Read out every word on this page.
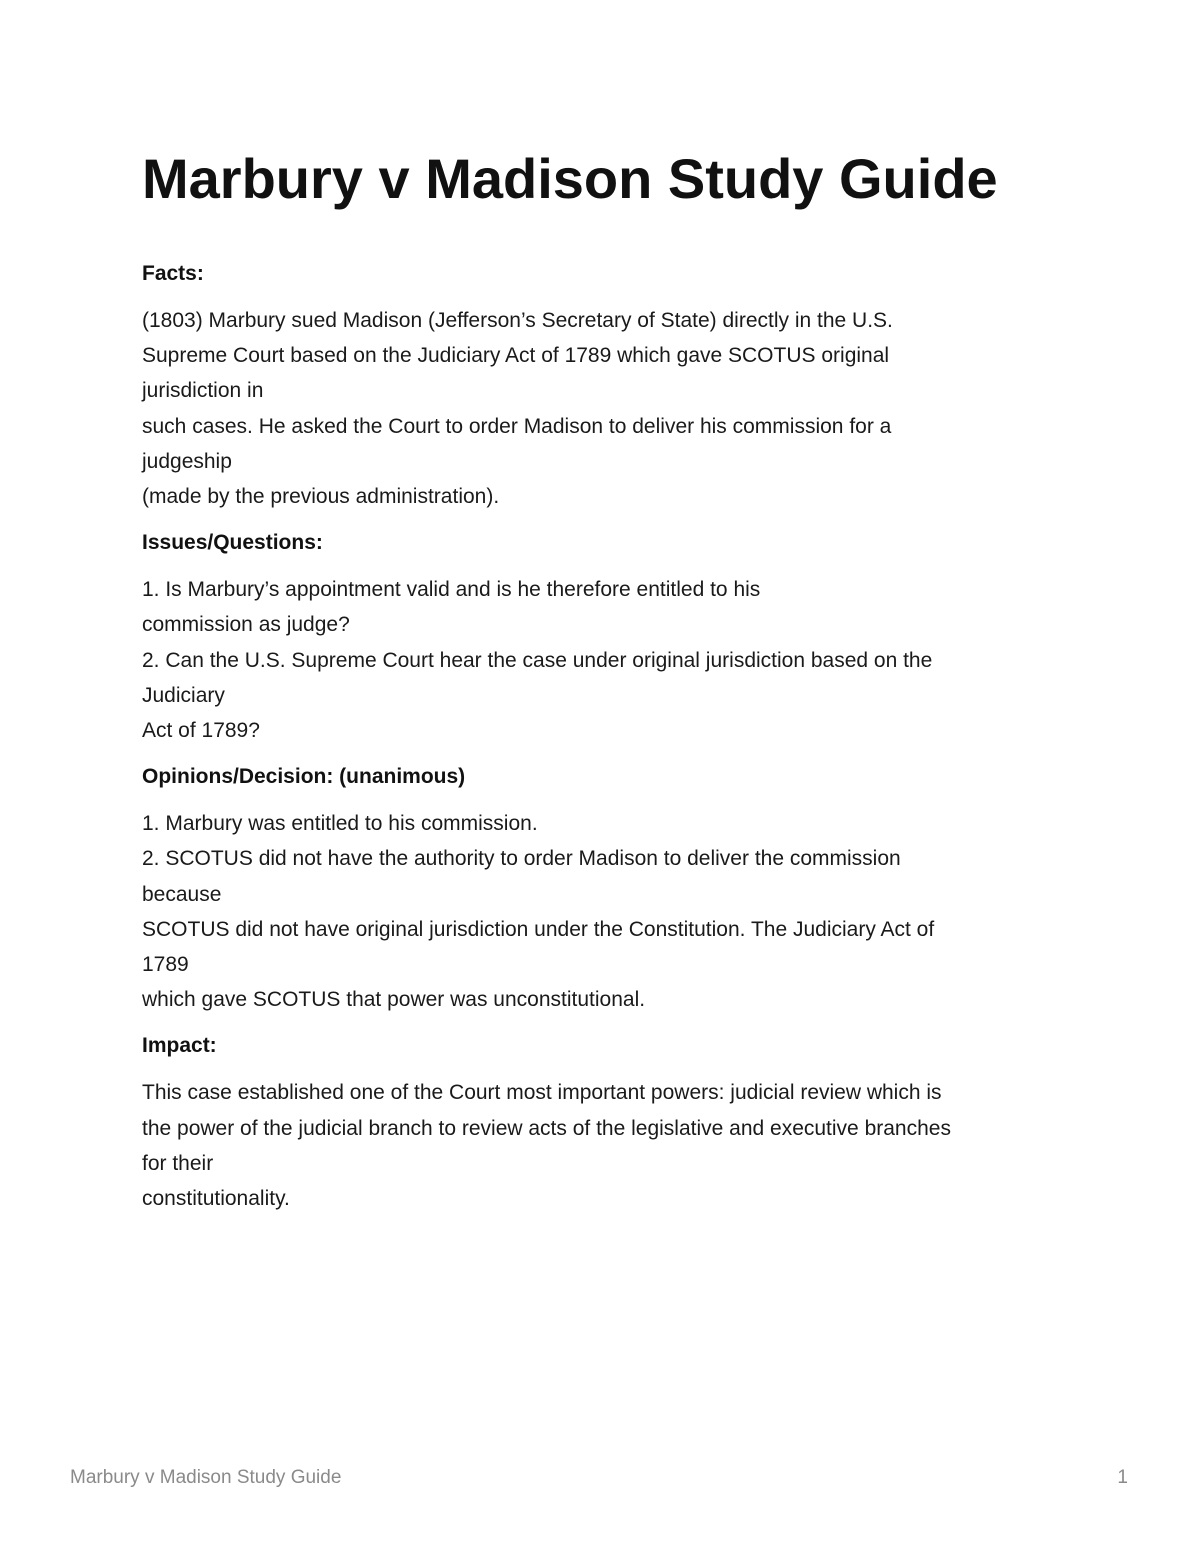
Marbury v Madison Study Guide
Facts:
(1803) Marbury sued Madison (Jefferson’s Secretary of State) directly in the U.S.
Supreme Court based on the Judiciary Act of 1789 which gave SCOTUS original
jurisdiction in
such cases. He asked the Court to order Madison to deliver his commission for a
judgeship
(made by the previous administration).
Issues/Questions:
1. Is Marbury’s appointment valid and is he therefore entitled to his
commission as judge?
2. Can the U.S. Supreme Court hear the case under original jurisdiction based on the
Judiciary
Act of 1789?
Opinions/Decision: (unanimous)
1. Marbury was entitled to his commission.
2. SCOTUS did not have the authority to order Madison to deliver the commission
because
SCOTUS did not have original jurisdiction under the Constitution. The Judiciary Act of
1789
which gave SCOTUS that power was unconstitutional.
Impact:
This case established one of the Court most important powers: judicial review which is
the power of the judicial branch to review acts of the legislative and executive branches
for their
constitutionality.
Marbury v Madison Study Guide	1
